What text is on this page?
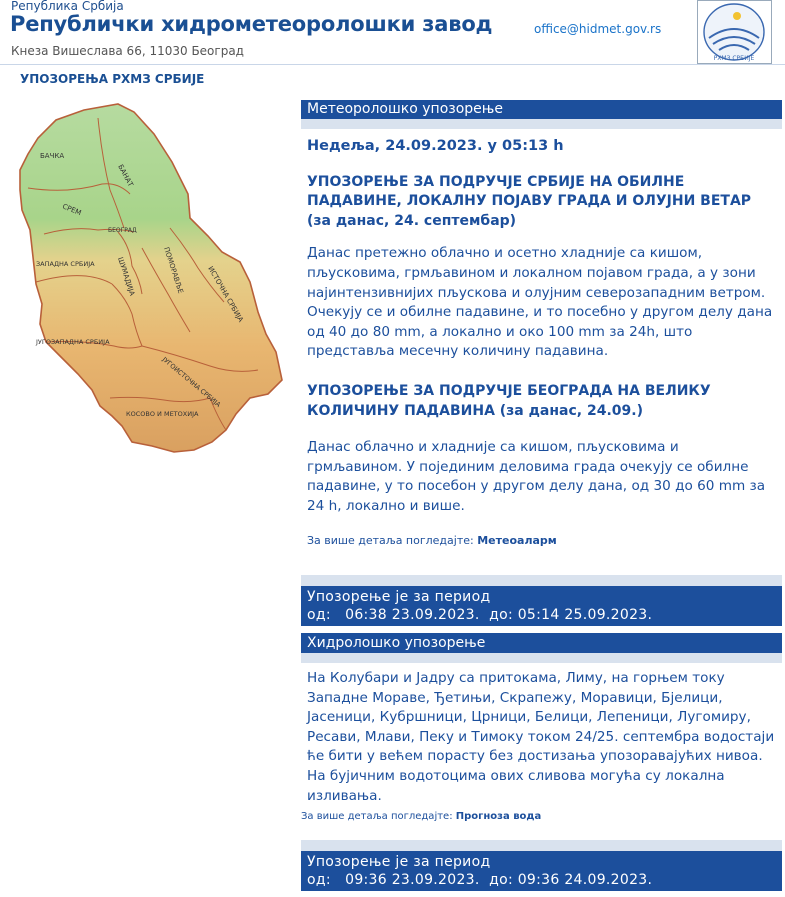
Република Србија
Републички хидрометеоролошки завод
Кнеза Вишеслава 66, 11030 Београд
office@hidmet.gov.rs
РХМЗ СРБИЈЕ
УПОЗОРЕЊА РХМЗ СРБИЈЕ
БАЧКА
БАНАТ
СРЕМ
БЕОГРАД
ЗАПАДНА СРБИЈА	ШУМАДИЈА	ПОМОРАВЉЕ	ИСТОЧНА СРБИЈА
ЈУГОЗАПАДНА СРБИЈА
ЈУГОИСТОЧНА СРБИЈА
КОСОВО И МЕТОХИЈА
Метеоролошко упозорење
Недеља, 24.09.2023. у 05:13 h
УПОЗОРЕЊЕ ЗА ПОДРУЧЈЕ СРБИЈЕ НА ОБИЛНЕ ПАДАВИНЕ, ЛОКАЛНУ ПОЈАВУ ГРАДА И ОЛУЈНИ ВЕТАР (за данас, 24. септембар)
Данас претежно облачно и осетно хладније са кишом, пљусковима, грмљавином и локалном појавом града, а у зони најинтензивнијих пљускова и олујним северозападним ветром. Очекују се и обилне падавине, и то посебно у другом делу дана од 40 до 80 mm, а локално и око 100 mm за 24h, што представља месечну количину падавина.
УПОЗОРЕЊЕ ЗА ПОДРУЧЈЕ БЕОГРАДА НА ВЕЛИКУ КОЛИЧИНУ ПАДАВИНА (за данас, 24.09.)
Данас облачно и хладније са кишом, пљусковима и грмљавином. У појединим деловима града очекују се обилне падавине, у то посебон у другом делу дана, од 30 до 60 mm за 24 h, локално и више.
За више детаља погледајте: Метеоаларм
Упозорење је за период
од:   06:38 23.09.2023.  до: 05:14 25.09.2023.
Хидролошко упозорење
На Колубари и Јадру са притокама, Лиму, на горњем току Западне Мораве, Ђетињи, Скрапежу, Моравици, Бјелици, Јасеници, Кубршници, Црници, Белици, Лепеници, Лугомиру, Ресави, Млави, Пеку и Тимоку током 24/25. септембра водостаји ће бити у већем порасту без достизања упозоравајућих нивоа. На бујичним водотоцима ових сливова могућа су локална изливања.
За више детаља погледајте: Прогноза вода
Упозорење је за период
од:   09:36 23.09.2023.  до: 09:36 24.09.2023.
